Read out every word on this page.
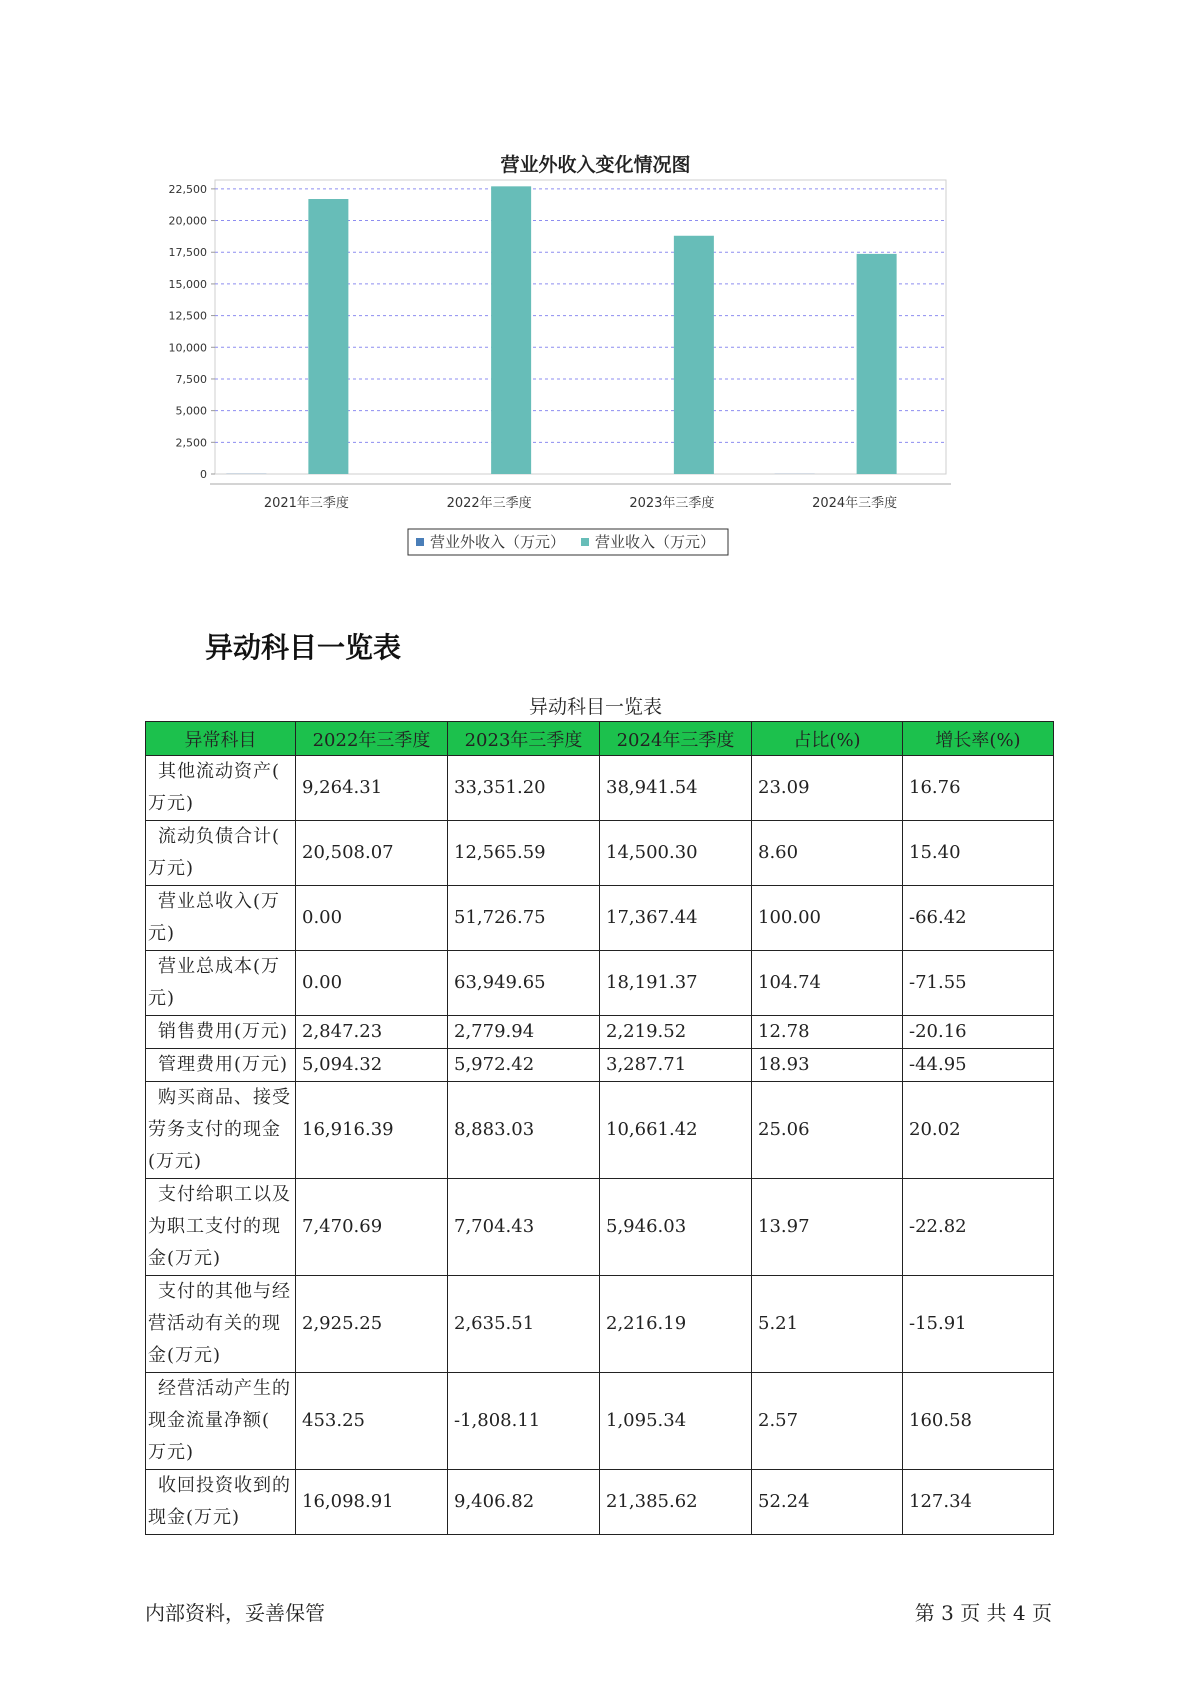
营业外收入变化情况图
22,500
20,000
17,500
15,000
12,500
10,000
7,500
5,000
2,500
0
2021年三季度	2022年三季度	2023年三季度	2024年三季度
营业外收入（万元） 营业收入（万元）
异动科目一览表
异动科目一览表
异常科目	2022年三季度	2023年三季度	2024年三季度	占比(%)	增长率(%)

其他流动资产(
万元)	9,264.31	33,351.20	38,941.54	23.09	16.76

流动负债合计(
万元)	20,508.07	12,565.59	14,500.30	8.60	15.40

营业总收入(万
元)	0.00	51,726.75	17,367.44	100.00	-66.42

营业总成本(万
元)	0.00	63,949.65	18,191.37	104.74	-71.55

销售费用(万元)	2,847.23	2,779.94	2,219.52	12.78	-20.16

管理费用(万元)	5,094.32	5,972.42	3,287.71	18.93	-44.95

购买商品、接受
劳务支付的现金
(万元)	16,916.39	8,883.03	10,661.42	25.06	20.02

支付给职工以及
为职工支付的现
金(万元)	7,470.69	7,704.43	5,946.03	13.97	-22.82

支付的其他与经
营活动有关的现
金(万元)	2,925.25	2,635.51	2,216.19	5.21	-15.91

经营活动产生的
现金流量净额(
万元)	453.25	-1,808.11	1,095.34	2.57	160.58

收回投资收到的
现金(万元)	16,098.91	9,406.82	21,385.62	52.24	127.34
内部资料，妥善保管	第 3 页 共 4 页
